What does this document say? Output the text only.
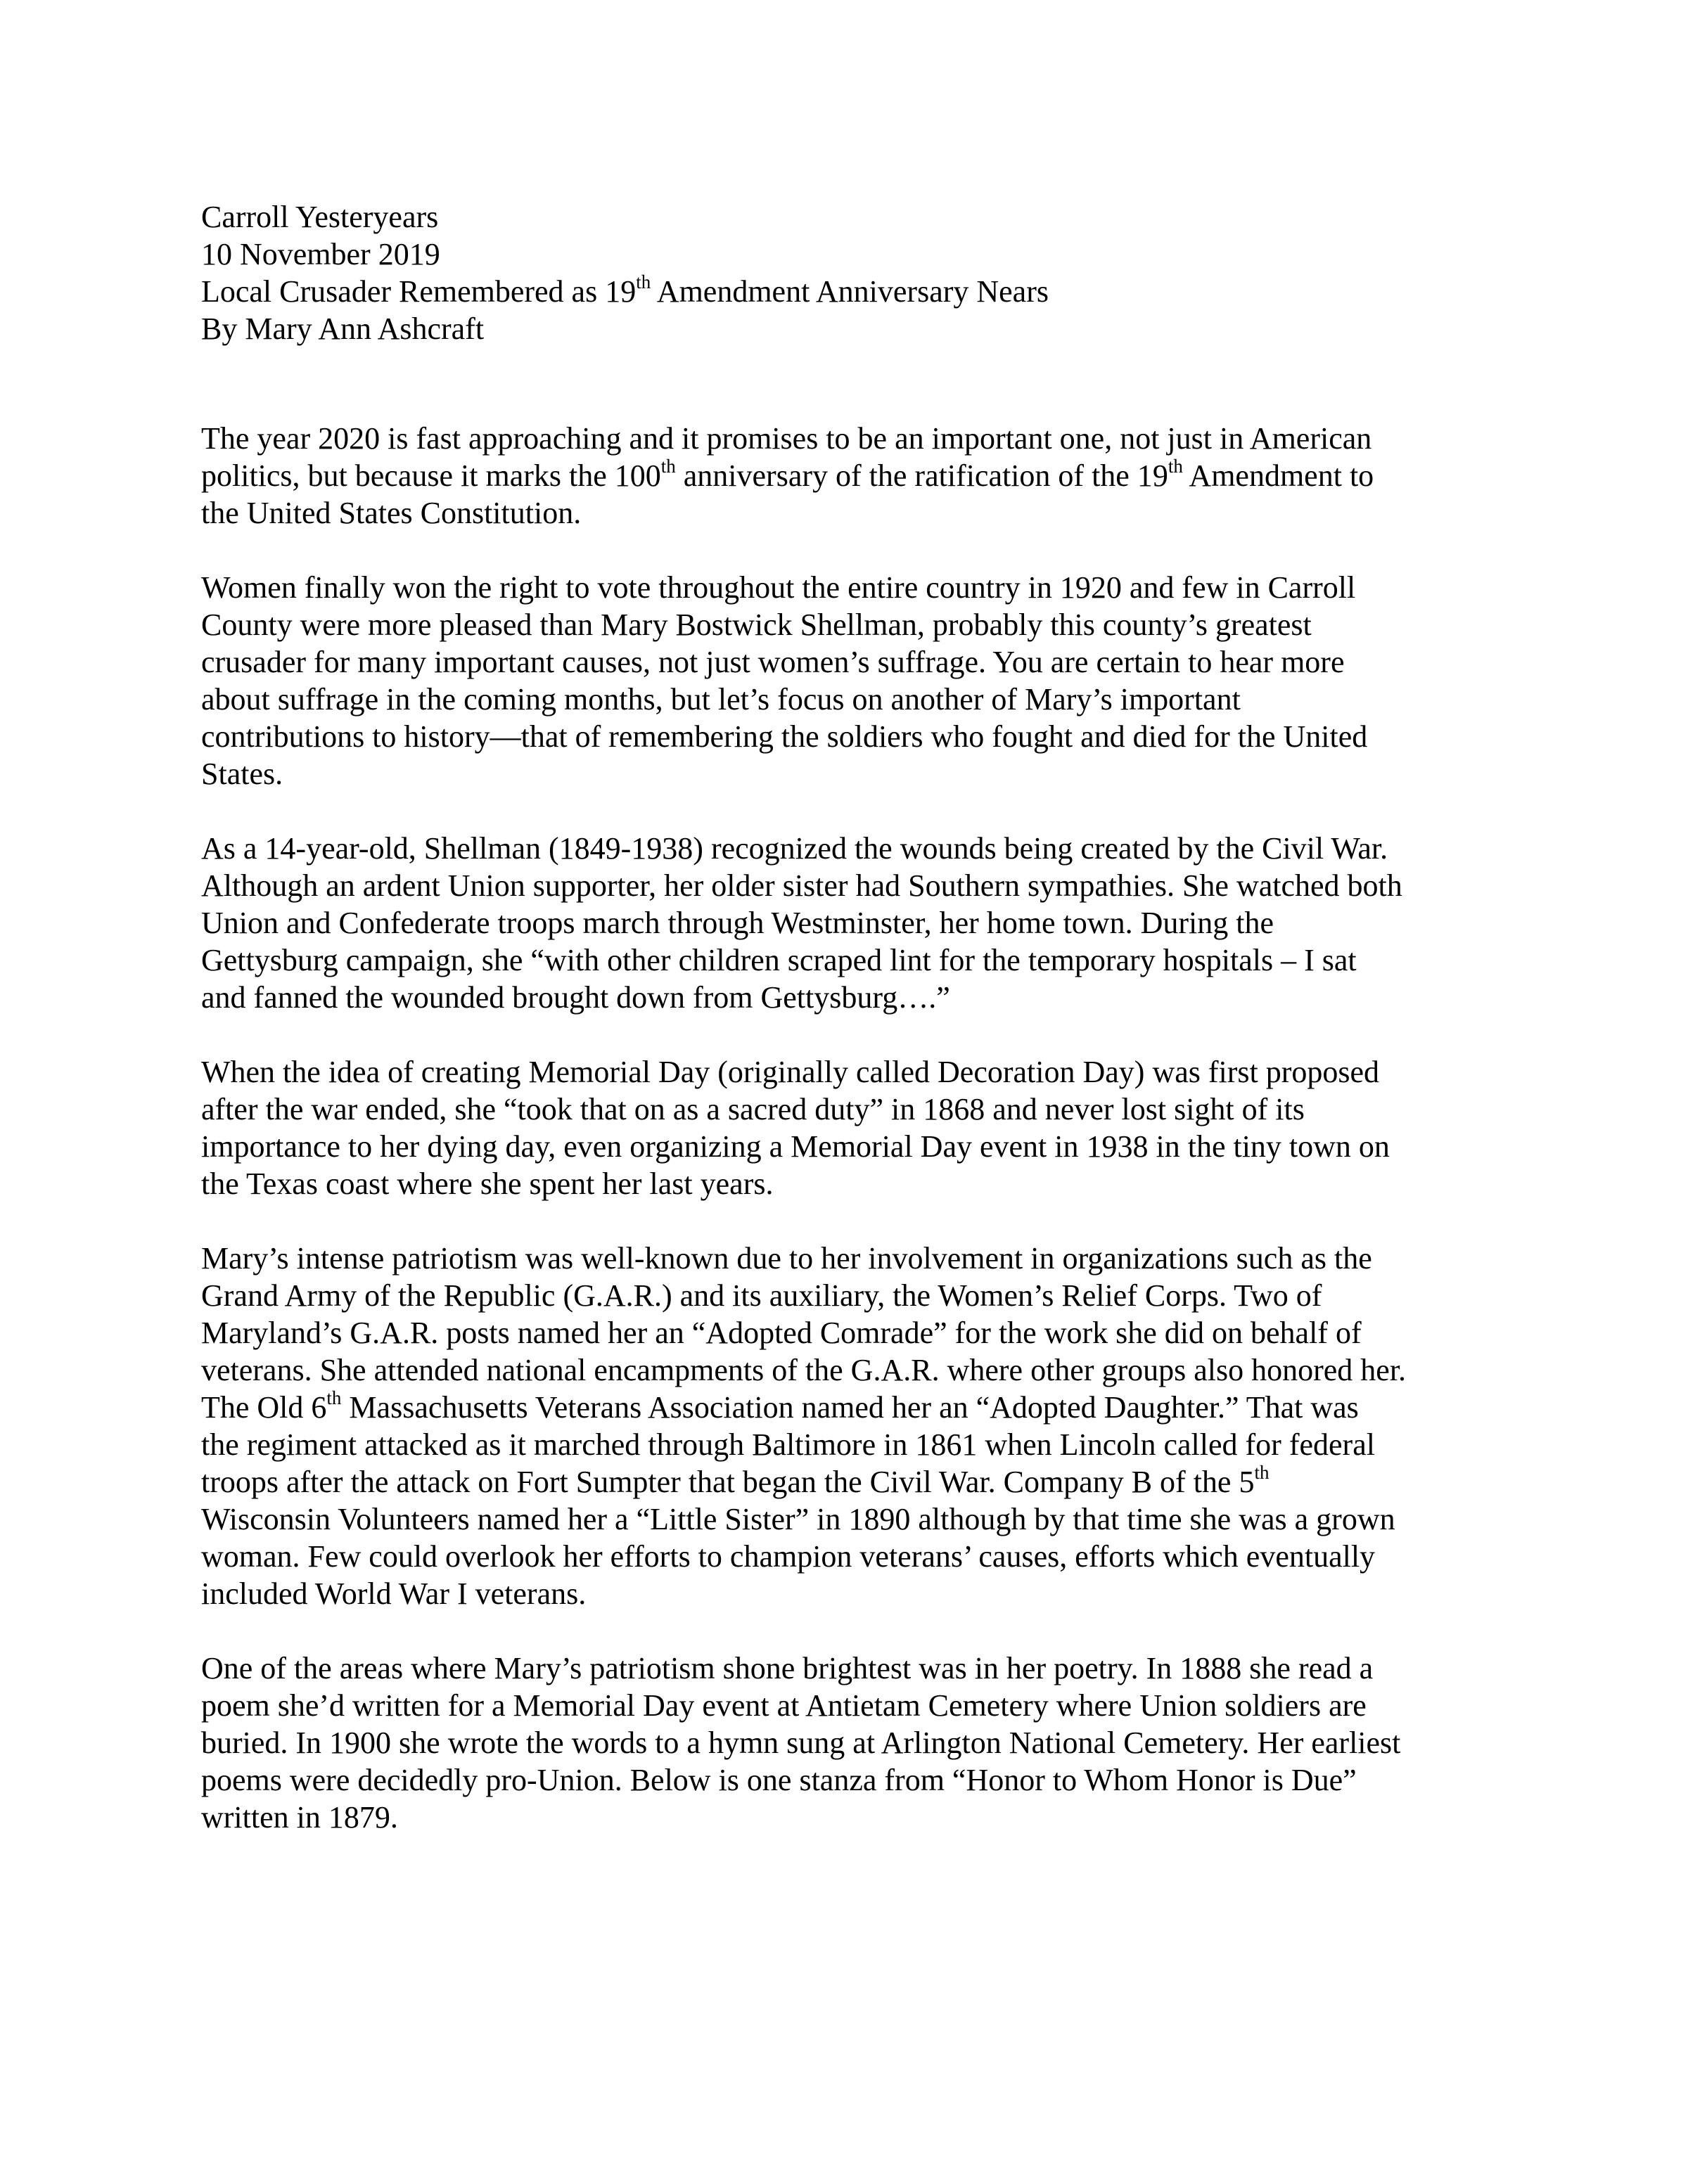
Carroll Yesteryears

10 November 2019

Local Crusader Remembered as 19th Amendment Anniversary Nears

By Mary Ann Ashcraft

The year 2020 is fast approaching and it promises to be an important one, not just in American
politics, but because it marks the 100th anniversary of the ratification of the 19th Amendment to
the United States Constitution.
Women finally won the right to vote throughout the entire country in 1920 and few in Carroll
County were more pleased than Mary Bostwick Shellman, probably this county’s greatest
crusader for many important causes, not just women’s suffrage. You are certain to hear more
about suffrage in the coming months, but let’s focus on another of Mary’s important
contributions to history—that of remembering the soldiers who fought and died for the United
States.
As a 14-year-old, Shellman (1849-1938) recognized the wounds being created by the Civil War.
Although an ardent Union supporter, her older sister had Southern sympathies. She watched both
Union and Confederate troops march through Westminster, her home town. During the
Gettysburg campaign, she “with other children scraped lint for the temporary hospitals – I sat
and fanned the wounded brought down from Gettysburg….”
When the idea of creating Memorial Day (originally called Decoration Day) was first proposed
after the war ended, she “took that on as a sacred duty” in 1868 and never lost sight of its
importance to her dying day, even organizing a Memorial Day event in 1938 in the tiny town on
the Texas coast where she spent her last years.
Mary’s intense patriotism was well-known due to her involvement in organizations such as the
Grand Army of the Republic (G.A.R.) and its auxiliary, the Women’s Relief Corps. Two of
Maryland’s G.A.R. posts named her an “Adopted Comrade” for the work she did on behalf of
veterans. She attended national encampments of the G.A.R. where other groups also honored her.
The Old 6th Massachusetts Veterans Association named her an “Adopted Daughter.” That was
the regiment attacked as it marched through Baltimore in 1861 when Lincoln called for federal
troops after the attack on Fort Sumpter that began the Civil War. Company B of the 5th
Wisconsin Volunteers named her a “Little Sister” in 1890 although by that time she was a grown
woman. Few could overlook her efforts to champion veterans’ causes, efforts which eventually
included World War I veterans.
One of the areas where Mary’s patriotism shone brightest was in her poetry. In 1888 she read a
poem she’d written for a Memorial Day event at Antietam Cemetery where Union soldiers are
buried. In 1900 she wrote the words to a hymn sung at Arlington National Cemetery. Her earliest
poems were decidedly pro-Union. Below is one stanza from “Honor to Whom Honor is Due”
written in 1879.
